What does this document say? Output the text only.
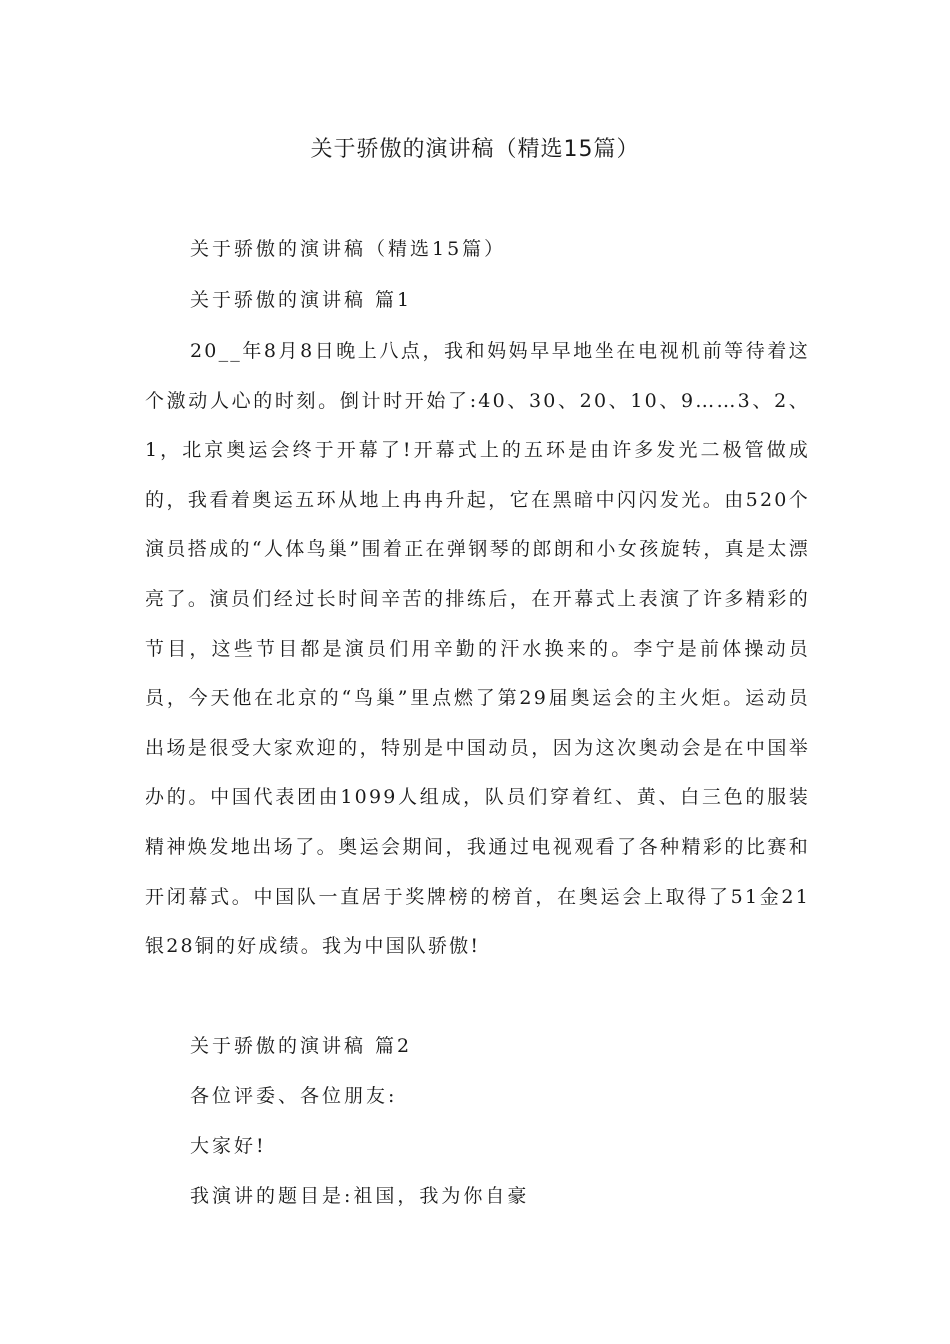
关于骄傲的演讲稿（精选15篇）
关于骄傲的演讲稿（精选15篇）
关于骄傲的演讲稿 篇1

20__年8月8日晚上八点，我和妈妈早早地坐在电视机前等待着这个激动人心的时刻。倒计时开始了:40、30、20、10、9……3、2、1，北京奥运会终于开幕了!开幕式上的五环是由许多发光二极管做成的，我看着奥运五环从地上冉冉升起，它在黑暗中闪闪发光。由520个演员搭成的“人体鸟巢”围着正在弹钢琴的郎朗和小女孩旋转，真是太漂亮了。演员们经过长时间辛苦的排练后，在开幕式上表演了许多精彩的节目，这些节目都是演员们用辛勤的汗水换来的。李宁是前体操动员员，今天他在北京的“鸟巢”里点燃了第29届奥运会的主火炬。运动员出场是很受大家欢迎的，特别是中国动员，因为这次奥动会是在中国举办的。中国代表团由1099人组成，队员们穿着红、黄、白三色的服装精神焕发地出场了。奥运会期间，我通过电视观看了各种精彩的比赛和开闭幕式。中国队一直居于奖牌榜的榜首，在奥运会上取得了51金21银28铜的好成绩。我为中国队骄傲!

关于骄傲的演讲稿 篇2
各位评委、各位朋友:
大家好!
我演讲的题目是:祖国，我为你自豪
